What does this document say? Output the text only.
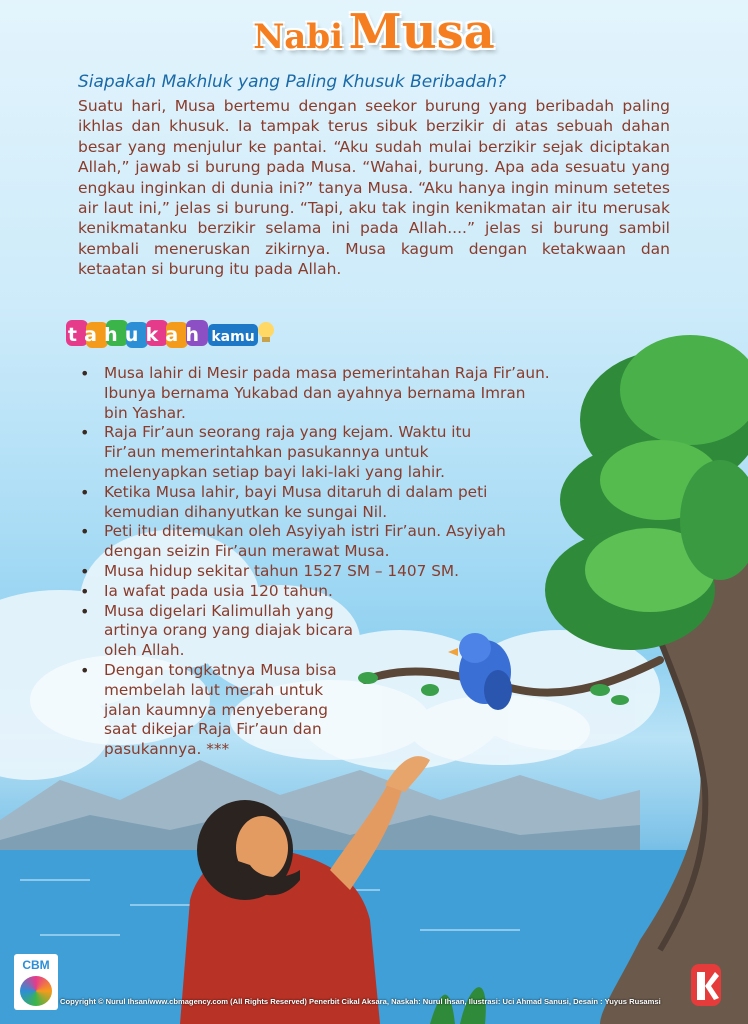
Nabi Musa
Siapakah Makhluk yang Paling Khusuk Beribadah?
Suatu hari, Musa bertemu dengan seekor burung yang beribadah paling ikhlas dan khusuk. Ia tampak terus sibuk berzikir di atas sebuah dahan besar yang menjulur ke pantai. “Aku sudah mulai berzikir sejak diciptakan Allah,” jawab si burung pada Musa. “Wahai, burung. Apa ada sesuatu yang engkau inginkan di dunia ini?” tanya Musa. “Aku hanya ingin minum setetes air laut ini,” jelas si burung. “Tapi, aku tak ingin kenikmatan air itu merusak kenikmatanku berzikir selama ini pada Allah....” jelas si burung sambil kembali meneruskan zikirnya. Musa kagum dengan ketakwaan dan ketaatan si burung itu pada Allah.
tahukah kamu
• Musa lahir di Mesir pada masa pemerintahan Raja Fir’aun. Ibunya bernama Yukabad dan ayahnya bernama Imran bin Yashar.
• Raja Fir’aun seorang raja yang kejam. Waktu itu Fir’aun memerintahkan pasukannya untuk melenyapkan setiap bayi laki-laki yang lahir.
• Ketika Musa lahir, bayi Musa ditaruh di dalam peti kemudian dihanyutkan ke sungai Nil.
• Peti itu ditemukan oleh Asyiyah istri Fir’aun. Asyiyah dengan seizin Fir’aun merawat Musa.
• Musa hidup sekitar tahun 1527 SM – 1407 SM.
• Ia wafat pada usia 120 tahun.
• Musa digelari Kalimullah yang artinya orang yang diajak bicara oleh Allah.
• Dengan tongkatnya Musa bisa membelah laut merah untuk jalan kaumnya menyeberang saat dikejar Raja Fir’aun dan pasukannya. ***
CBM
Copyright © Nurul Ihsan/www.cbmagency.com (All Rights Reserved) Penerbit Cikal Aksara, Naskah: Nurul Ihsan, Ilustrasi: Uci Ahmad Sanusi, Desain : Yuyus Rusamsi
